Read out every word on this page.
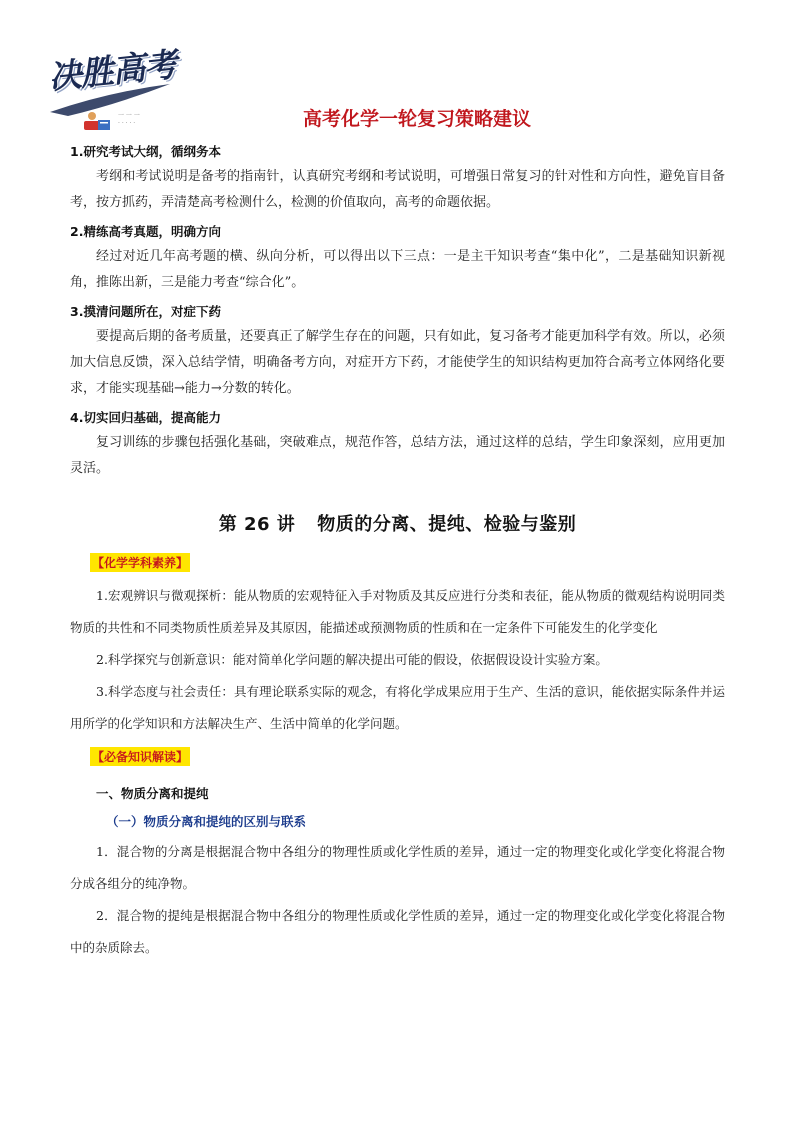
决胜高考
一 一 一
· · · · ·	高考化学一轮复习策略建议
1.研究考试大纲，循纲务本

考纲和考试说明是备考的指南针，认真研究考纲和考试说明，可增强日常复习的针对性和方向性，避免盲目备考，按方抓药，弄清楚高考检测什么，检测的价值取向，高考的命题依据。

2.精练高考真题，明确方向

经过对近几年高考题的横、纵向分析，可以得出以下三点：一是主干知识考查“集中化”，二是基础知识新视角，推陈出新，三是能力考查“综合化”。

3.摸清问题所在，对症下药

要提高后期的备考质量，还要真正了解学生存在的问题，只有如此，复习备考才能更加科学有效。所以，必须加大信息反馈，深入总结学情，明确备考方向，对症开方下药，才能使学生的知识结构更加符合高考立体网络化要求，才能实现基础→能力→分数的转化。

4.切实回归基础，提高能力

复习训练的步骤包括强化基础，突破难点，规范作答，总结方法，通过这样的总结，学生印象深刻，应用更加灵活。

第 26 讲 物质的分离、提纯、检验与鉴别
【化学学科素养】

1.宏观辨识与微观探析：能从物质的宏观特征入手对物质及其反应进行分类和表征，能从物质的微观结构说明同类物质的共性和不同类物质性质差异及其原因，能描述或预测物质的性质和在一定条件下可能发生的化学变化

2.科学探究与创新意识：能对简单化学问题的解决提出可能的假设，依据假设设计实验方案。

3.科学态度与社会责任：具有理论联系实际的观念，有将化学成果应用于生产、生活的意识，能依据实际条件并运用所学的化学知识和方法解决生产、生活中简单的化学问题。

【必备知识解读】
一、物质分离和提纯
（一）物质分离和提纯的区别与联系

1．混合物的分离是根据混合物中各组分的物理性质或化学性质的差异，通过一定的物理变化或化学变化将混合物分成各组分的纯净物。

2．混合物的提纯是根据混合物中各组分的物理性质或化学性质的差异，通过一定的物理变化或化学变化将混合物中的杂质除去。
